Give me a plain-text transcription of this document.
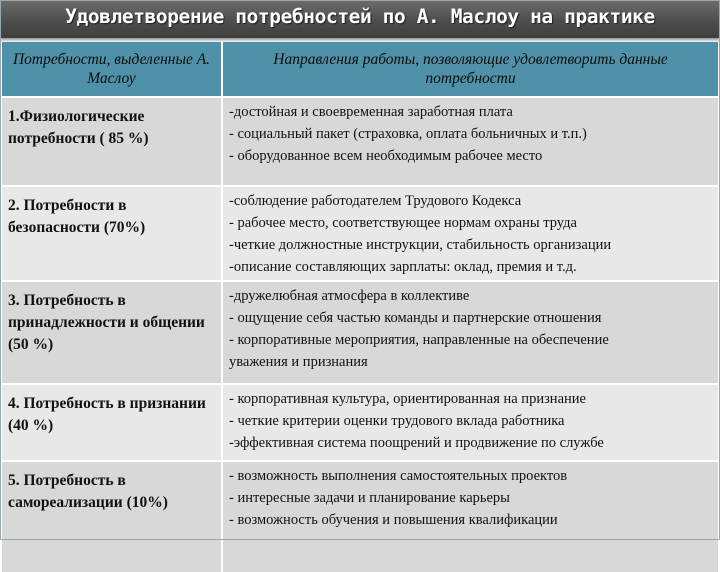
Удовлетворение потребностей по А. Маслоу на практике
Потребности, выделенные А. Маслоу	Направления работы, позволяющие удовлетворить данные потребности
1.Физиологические потребности ( 85 %)	-достойная и своевременная заработная плата
- социальный пакет (страховка, оплата больничных и т.п.)
- оборудованное всем необходимым рабочее место

2. Потребности в безопасности (70%)	-соблюдение работодателем Трудового Кодекса
- рабочее место, соответствующее нормам охраны труда
-четкие должностные инструкции, стабильность организации
-описание составляющих зарплаты: оклад, премия и т.д.

3. Потребность в принадлежности и общении (50 %)	-дружелюбная атмосфера в коллективе
- ощущение себя частью команды и партнерские отношения
- корпоративные мероприятия, направленные на обеспечение
уважения и признания

4. Потребность в признании (40 %)	- корпоративная культура, ориентированная на признание
- четкие критерии оценки трудового вклада работника
-эффективная система поощрений и продвижение по службе

5. Потребность в самореализации (10%)	- возможность выполнения самостоятельных проектов
- интересные задачи и планирование карьеры
- возможность обучения и повышения квалификации
